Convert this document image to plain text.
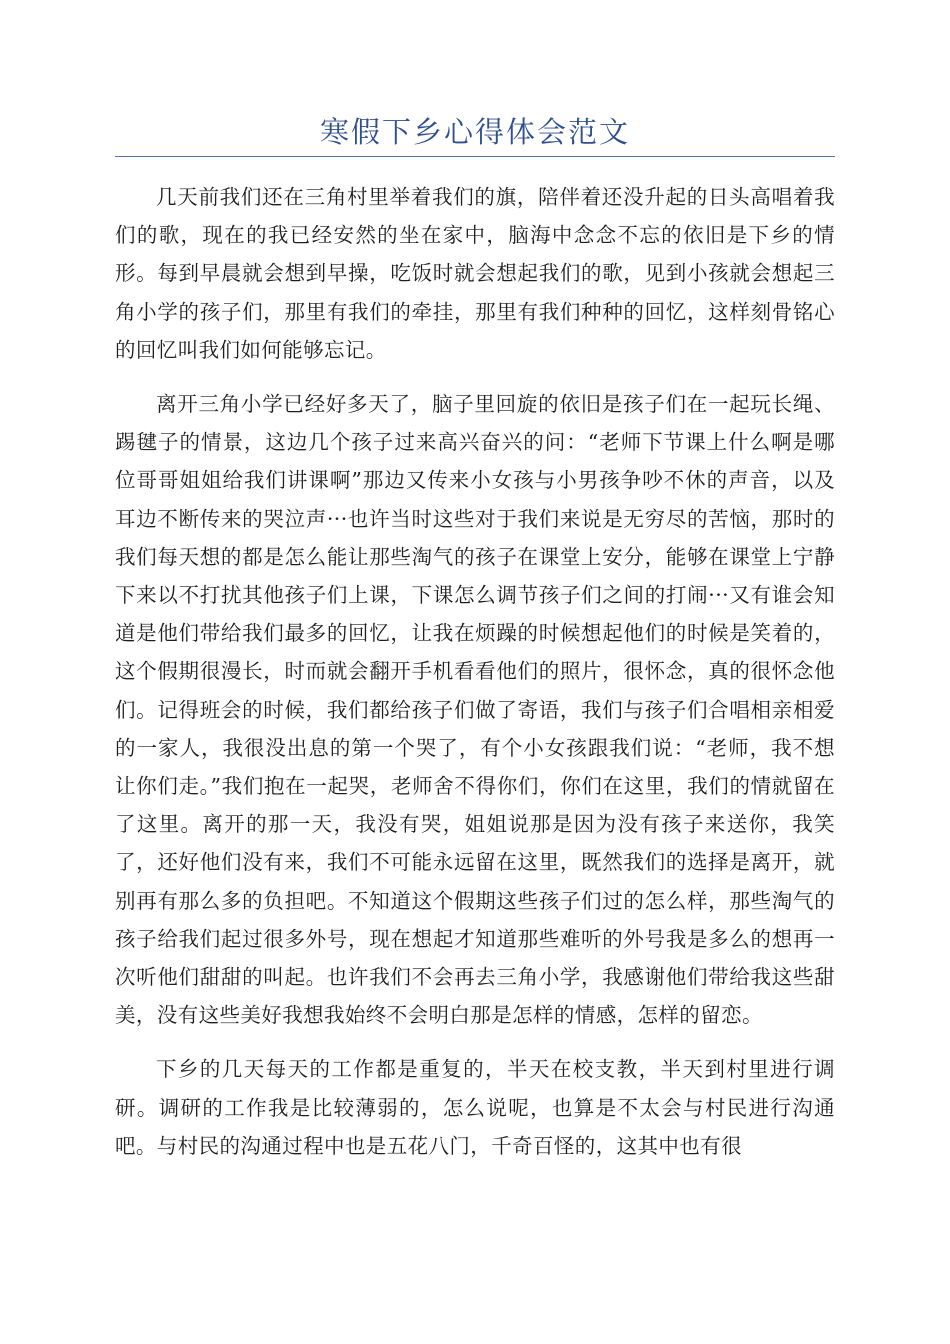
寒假下乡心得体会范文

几天前我们还在三角村里举着我们的旗，陪伴着还没升起的日头高唱着我们的歌，现在的我已经安然的坐在家中，脑海中念念不忘的依旧是下乡的情形。每到早晨就会想到早操，吃饭时就会想起我们的歌，见到小孩就会想起三角小学的孩子们，那里有我们的牵挂，那里有我们种种的回忆，这样刻骨铭心的回忆叫我们如何能够忘记。

离开三角小学已经好多天了，脑子里回旋的依旧是孩子们在一起玩长绳、踢毽子的情景，这边几个孩子过来高兴奋兴的问：“老师下节课上什么啊是哪位哥哥姐姐给我们讲课啊”那边又传来小女孩与小男孩争吵不休的声音，以及耳边不断传来的哭泣声···也许当时这些对于我们来说是无穷尽的苦恼，那时的我们每天想的都是怎么能让那些淘气的孩子在课堂上安分，能够在课堂上宁静下来以不打扰其他孩子们上课，下课怎么调节孩子们之间的打闹···又有谁会知道是他们带给我们最多的回忆，让我在烦躁的时候想起他们的时候是笑着的，这个假期很漫长，时而就会翻开手机看看他们的照片，很怀念，真的很怀念他们。记得班会的时候，我们都给孩子们做了寄语，我们与孩子们合唱相亲相爱的一家人，我很没出息的第一个哭了，有个小女孩跟我们说：“老师，我不想让你们走。”我们抱在一起哭，老师舍不得你们，你们在这里，我们的情就留在了这里。离开的那一天，我没有哭，姐姐说那是因为没有孩子来送你，我笑了，还好他们没有来，我们不可能永远留在这里，既然我们的选择是离开，就别再有那么多的负担吧。不知道这个假期这些孩子们过的怎么样，那些淘气的孩子给我们起过很多外号，现在想起才知道那些难听的外号我是多么的想再一次听他们甜甜的叫起。也许我们不会再去三角小学，我感谢他们带给我这些甜美，没有这些美好我想我始终不会明白那是怎样的情感，怎样的留恋。

下乡的几天每天的工作都是重复的，半天在校支教，半天到村里进行调研。调研的工作我是比较薄弱的，怎么说呢，也算是不太会与村民进行沟通吧。与村民的沟通过程中也是五花八门，千奇百怪的，这其中也有很
